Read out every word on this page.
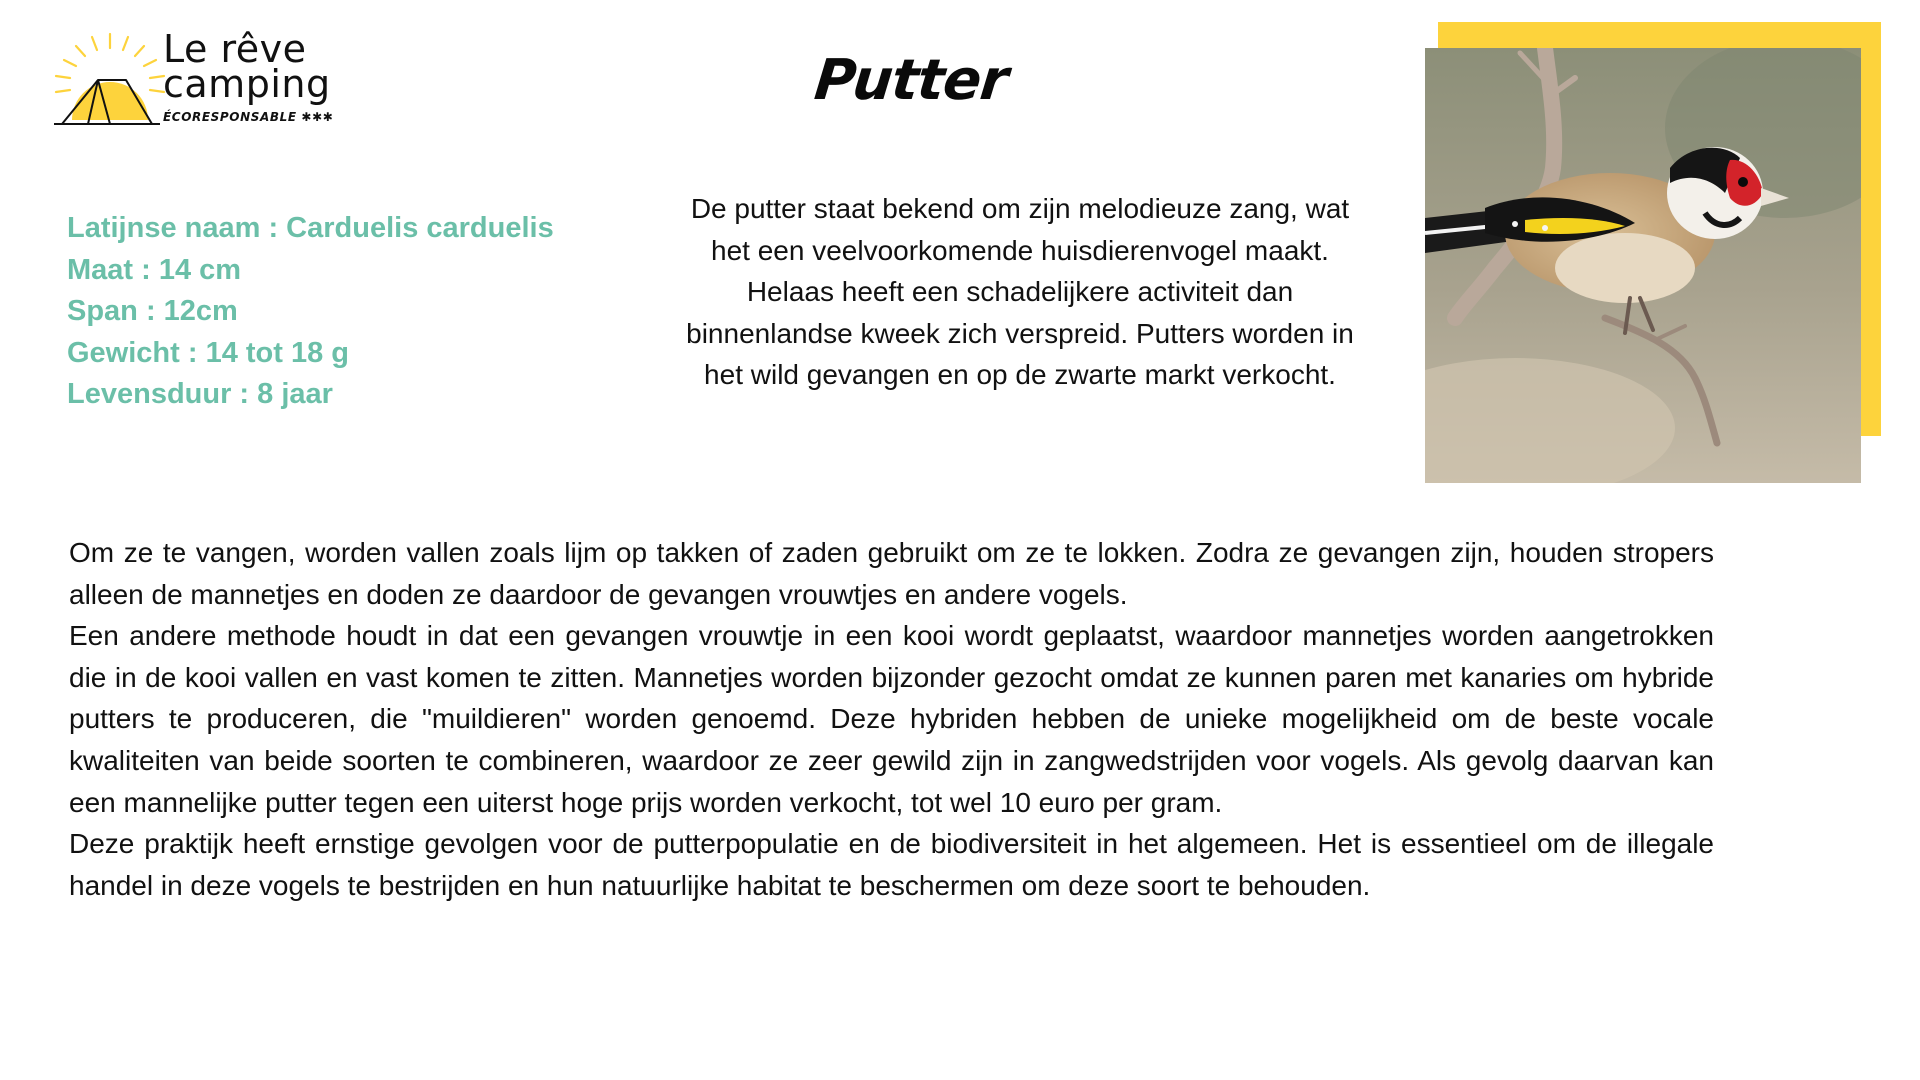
Le rêve
camping
ÉCORESPONSABLE ✱✱✱
Putter
Latijnse naam : Carduelis carduelis
Maat : 14 cm
Span : 12cm
Gewicht : 14 tot 18 g
Levensduur : 8 jaar

De putter staat bekend om zijn melodieuze zang, wat het een veelvoorkomende huisdierenvogel maakt. Helaas heeft een schadelijkere activiteit dan binnenlandse kweek zich verspreid. Putters worden in het wild gevangen en op de zwarte markt verkocht.

Om ze te vangen, worden vallen zoals lijm op takken of zaden gebruikt om ze te lokken. Zodra ze gevangen zijn, houden stropers alleen de mannetjes en doden ze daardoor de gevangen vrouwtjes en andere vogels.

Een andere methode houdt in dat een gevangen vrouwtje in een kooi wordt geplaatst, waardoor mannetjes worden aangetrokken die in de kooi vallen en vast komen te zitten. Mannetjes worden bijzonder gezocht omdat ze kunnen paren met kanaries om hybride putters te produceren, die "muildieren" worden genoemd. Deze hybriden hebben de unieke mogelijkheid om de beste vocale kwaliteiten van beide soorten te combineren, waardoor ze zeer gewild zijn in zangwedstrijden voor vogels. Als gevolg daarvan kan een mannelijke putter tegen een uiterst hoge prijs worden verkocht, tot wel 10 euro per gram.

Deze praktijk heeft ernstige gevolgen voor de putterpopulatie en de biodiversiteit in het algemeen. Het is essentieel om de illegale handel in deze vogels te bestrijden en hun natuurlijke habitat te beschermen om deze soort te behouden.
